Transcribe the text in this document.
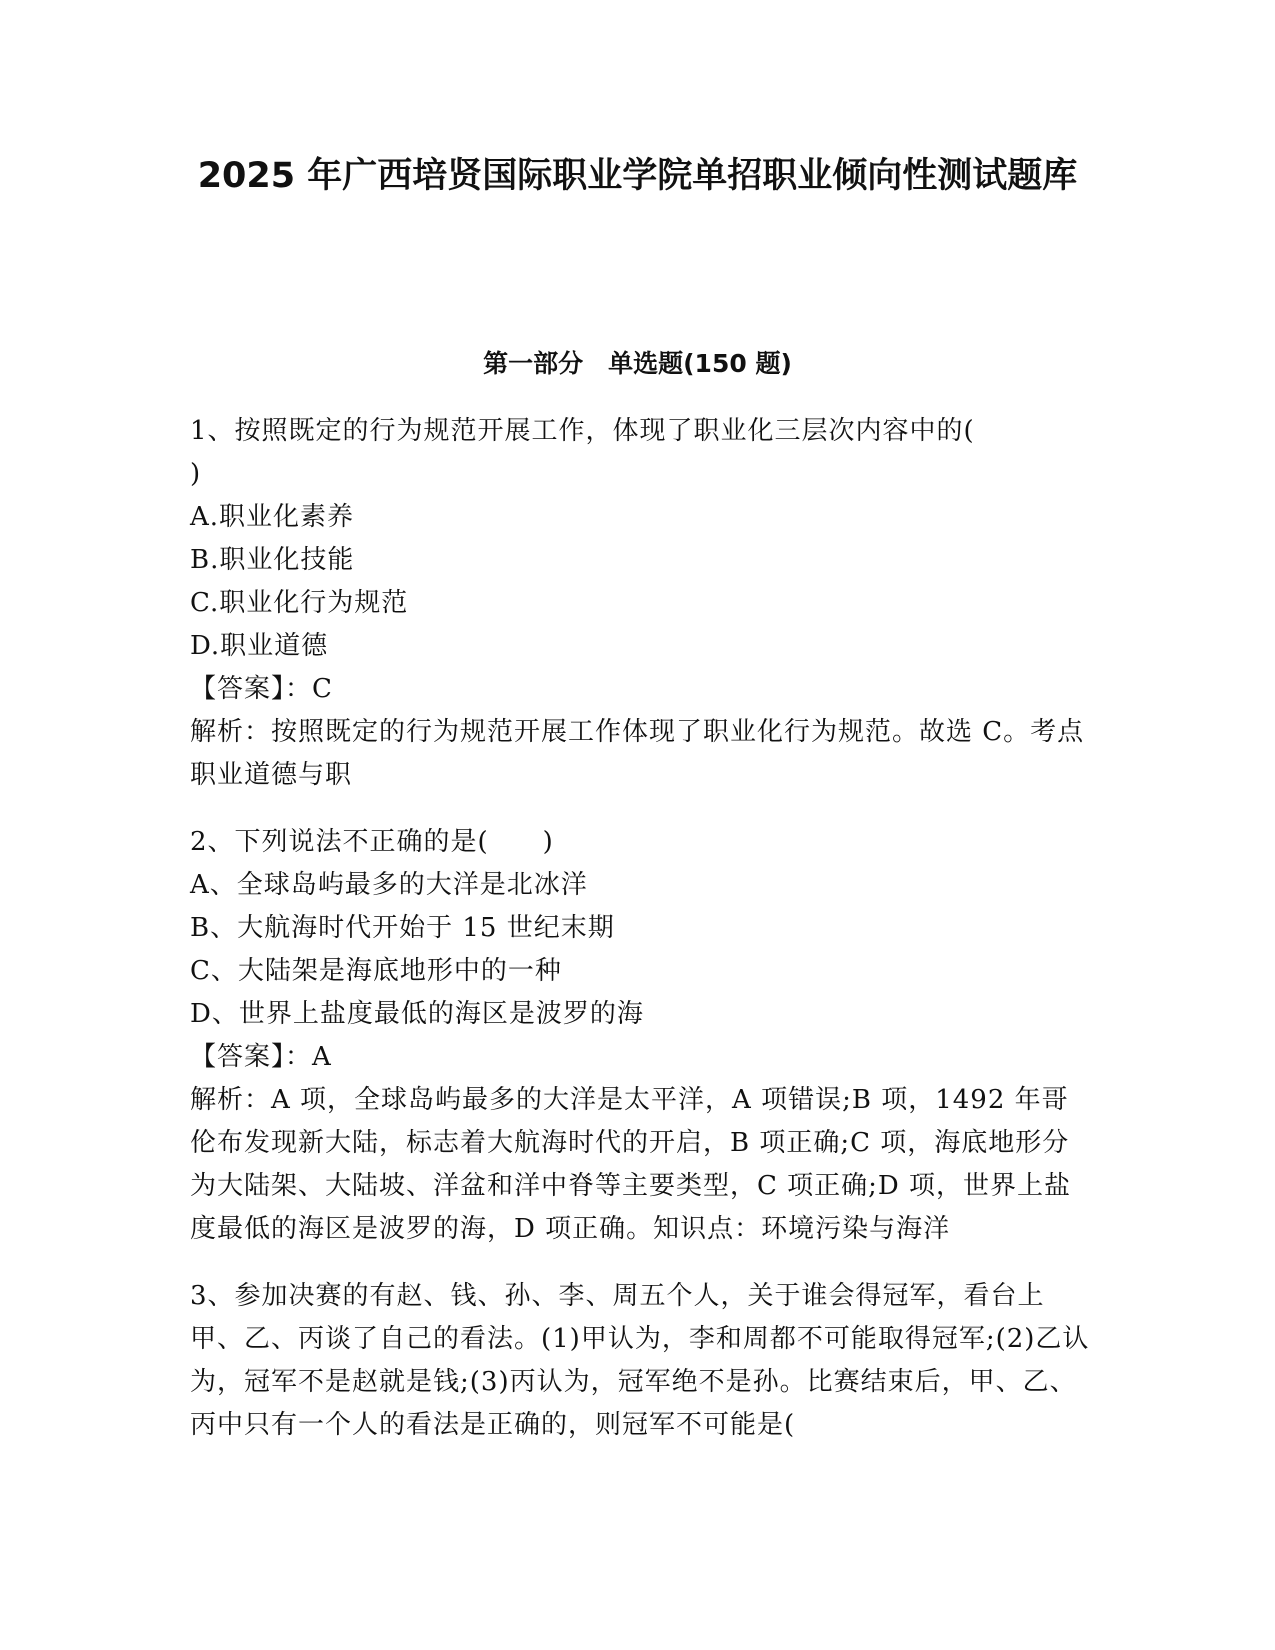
2025 年广西培贤国际职业学院单招职业倾向性测试题库
第一部分　单选题(150 题)

1、按照既定的行为规范开展工作，体现了职业化三层次内容中的(
)

A.职业化素养

B.职业化技能

C.职业化行为规范

D.职业道德

【答案】：C

解析：按照既定的行为规范开展工作体现了职业化行为规范。故选 C。考点职业道德与职

2、下列说法不正确的是(　　)

A、全球岛屿最多的大洋是北冰洋

B、大航海时代开始于 15 世纪末期

C、大陆架是海底地形中的一种

D、世界上盐度最低的海区是波罗的海

【答案】：A

解析：A 项，全球岛屿最多的大洋是太平洋，A 项错误;B 项，1492 年哥伦布发现新大陆，标志着大航海时代的开启，B 项正确;C 项，海底地形分为大陆架、大陆坡、洋盆和洋中脊等主要类型，C 项正确;D 项，世界上盐度最低的海区是波罗的海，D 项正确。知识点：环境污染与海洋

3、参加决赛的有赵、钱、孙、李、周五个人，关于谁会得冠军，看台上甲、乙、丙谈了自己的看法。(1)甲认为，李和周都不可能取得冠军;(2)乙认为，冠军不是赵就是钱;(3)丙认为，冠军绝不是孙。比赛结束后，甲、乙、丙中只有一个人的看法是正确的，则冠军不可能是(
